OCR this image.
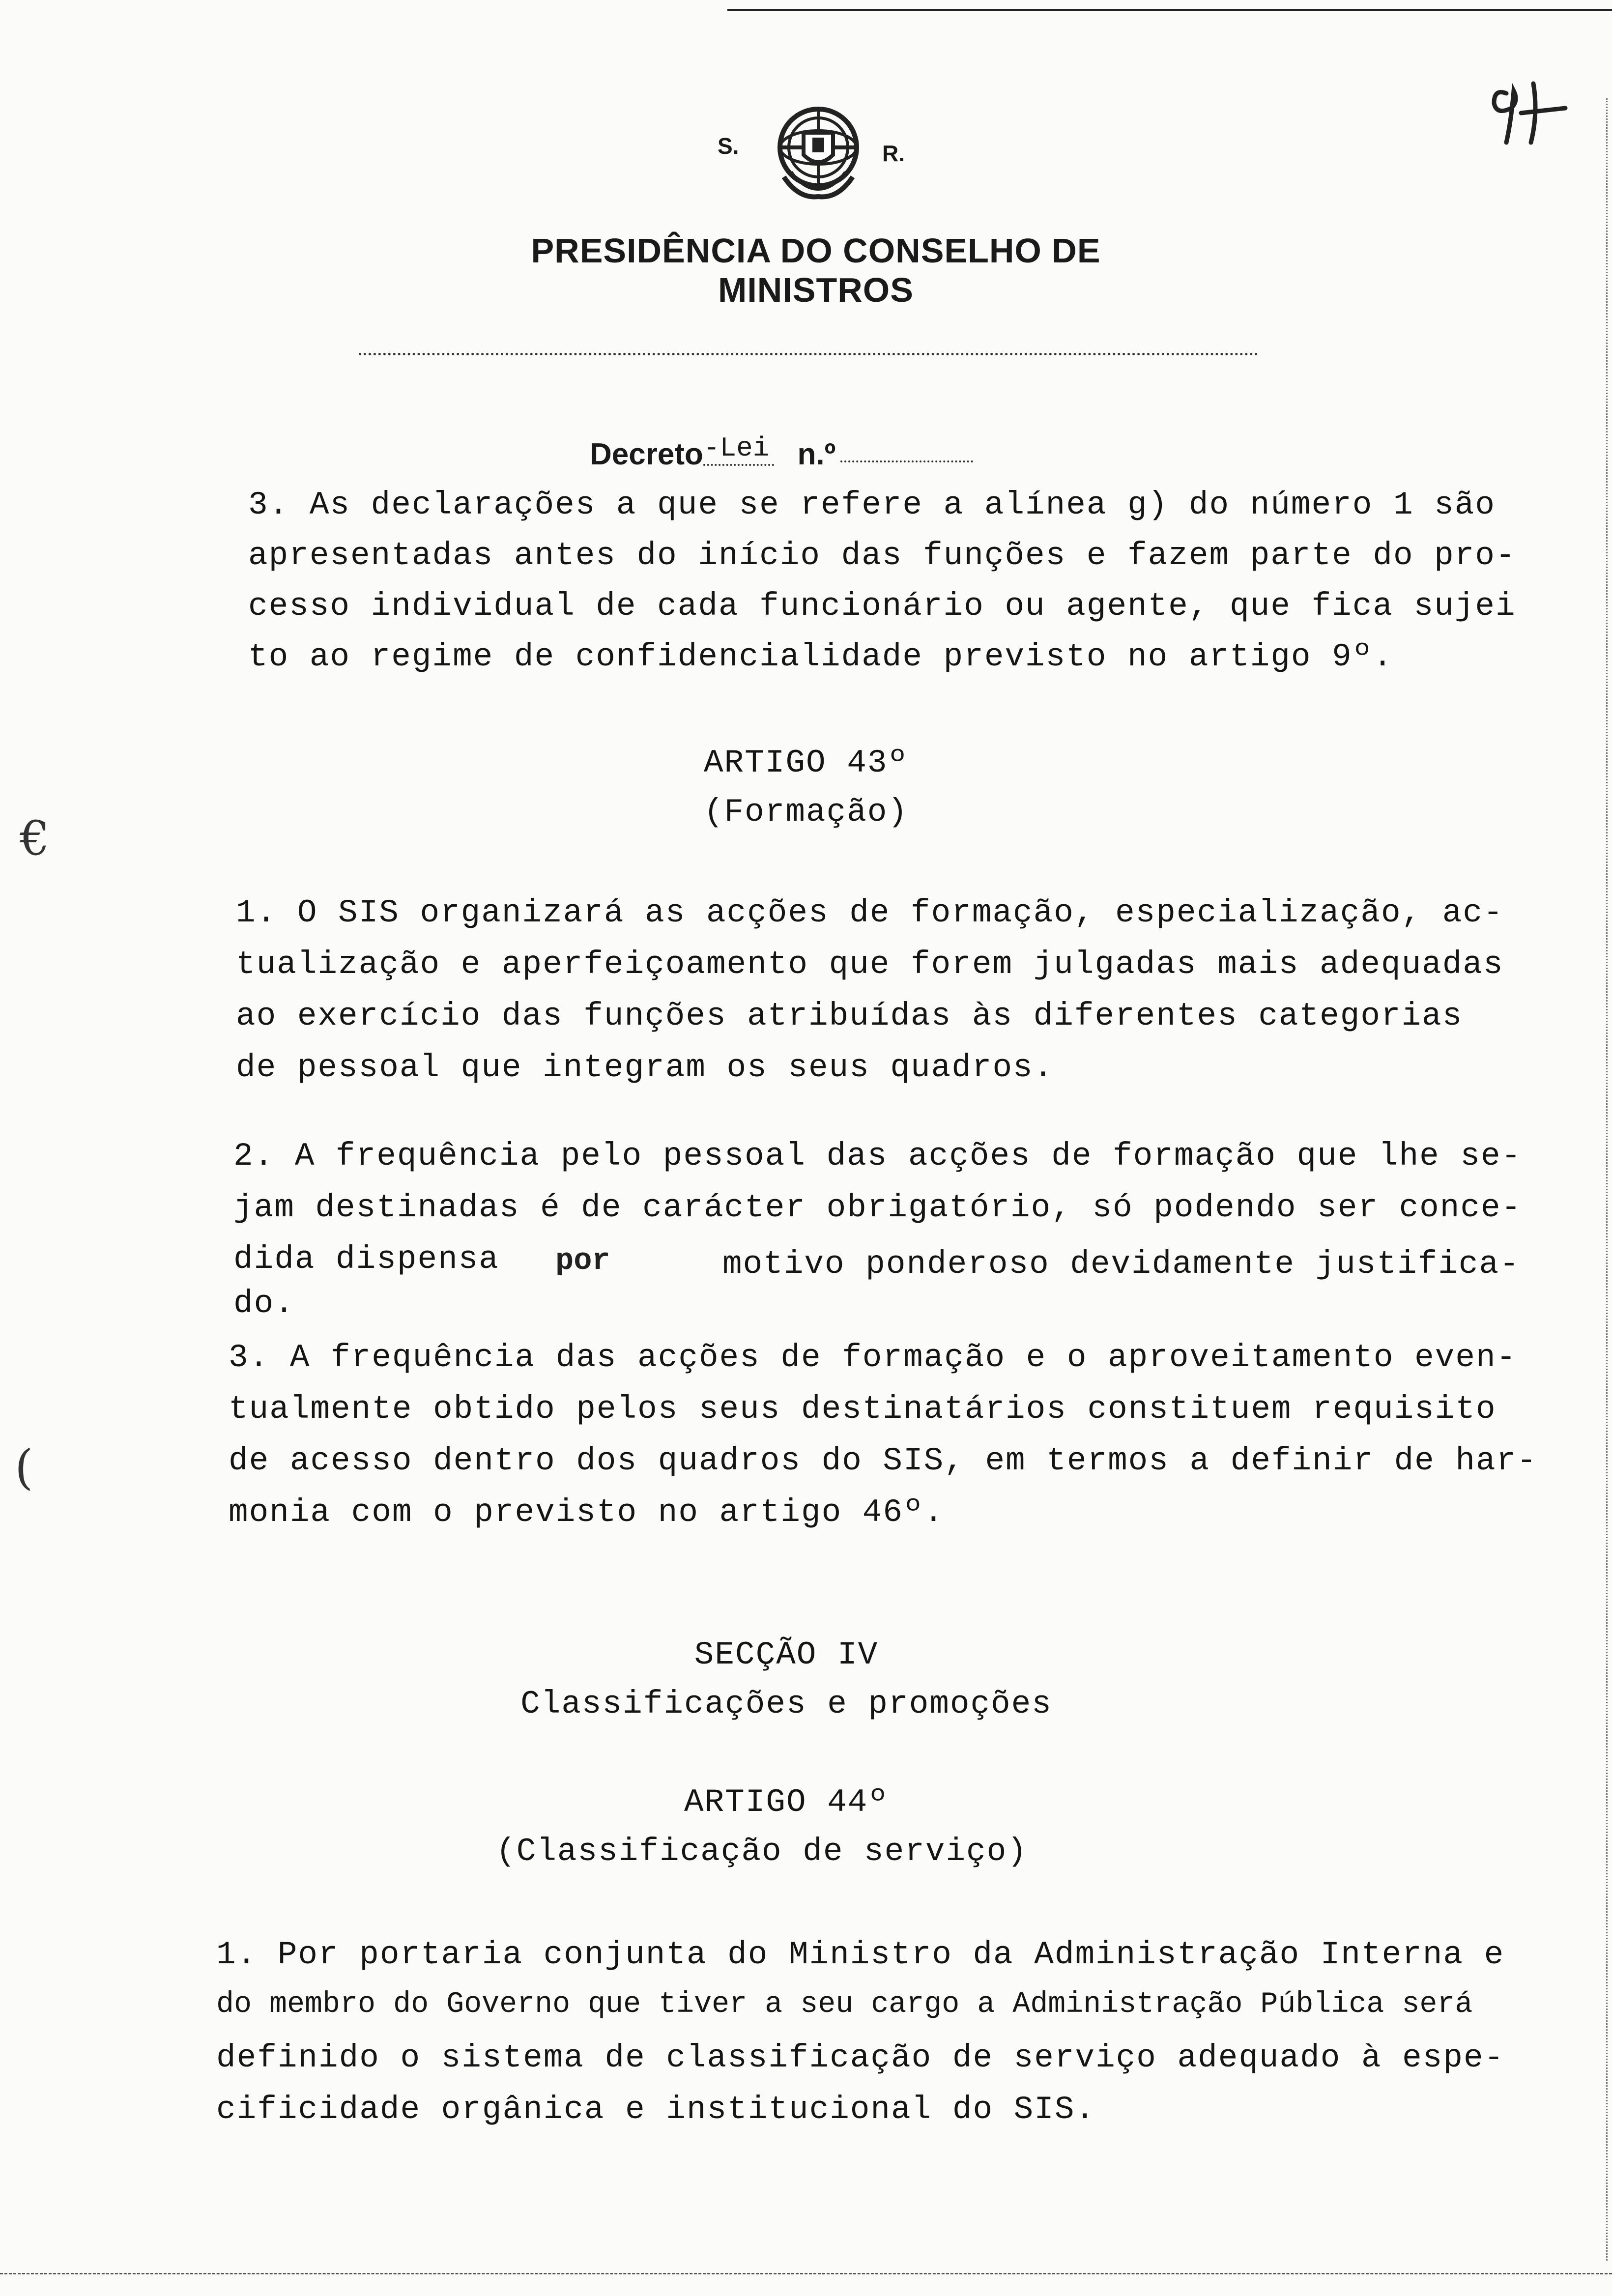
S.	R.
PRESIDÊNCIA DO CONSELHO DE MINISTROS
Decreto-Lei n.º
3. As declarações a que se refere a alínea g) do número 1 são
apresentadas antes do início das funções e fazem parte do pro-
cesso individual de cada funcionário ou agente, que fica sujei
to ao regime de confidencialidade previsto no artigo 9º.
ARTIGO 43º
(Formação)
€
1. O SIS organizará as acções de formação, especialização, ac-
tualização e aperfeiçoamento que forem julgadas mais adequadas
ao exercício das funções atribuídas às diferentes categorias
de pessoal que integram os seus quadros.
2. A frequência pelo pessoal das acções de formação que lhe se-
jam destinadas é de carácter obrigatório, só podendo ser conce-
dida dispensa por	motivo ponderoso devidamente justifica-
do.
3. A frequência das acções de formação e o aproveitamento even-
tualmente obtido pelos seus destinatários constituem requisito
de acesso dentro dos quadros do SIS, em termos a definir de har-
monia com o previsto no artigo 46º.
(
SECÇÃO IV
Classificações e promoções
ARTIGO 44º
(Classificação de serviço)
1. Por portaria conjunta do Ministro da Administração Interna e
do membro do Governo que tiver a seu cargo a Administração Pública será
definido o sistema de classificação de serviço adequado à espe-
cificidade orgânica e institucional do SIS.
